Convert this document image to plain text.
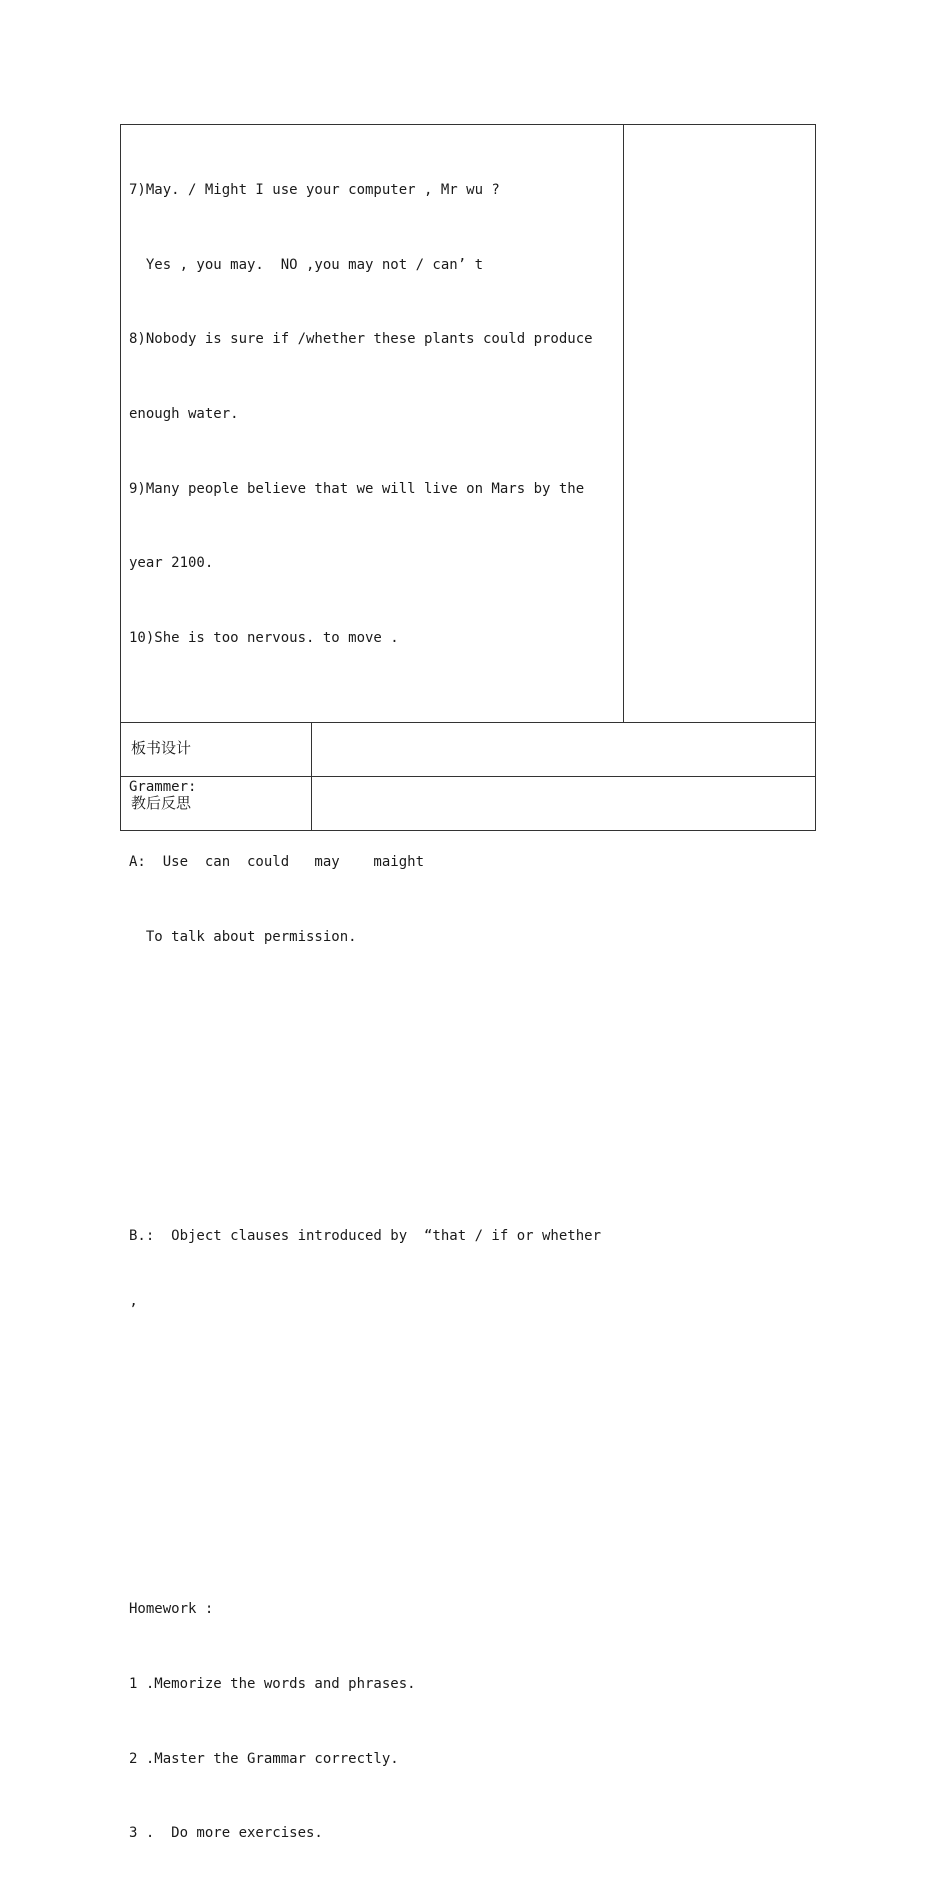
7)May. / Might I use your computer , Mr wu ?

Yes , you may.  NO ,you may not / can’ t

8)Nobody is sure if /whether these plants could produce

enough water.

9)Many people believe that we will live on Mars by the

year 2100.

10)She is too nervous. to move .

Grammer:

A:  Use  can  could   may    maight

To talk about permission.

B.:  Object clauses introduced by  “that / if or whether

’

Homework :

1 .Memorize the words and phrases.

2 .Master the Grammar correctly.

3 .  Do more exercises.

板书设计
教后反思
